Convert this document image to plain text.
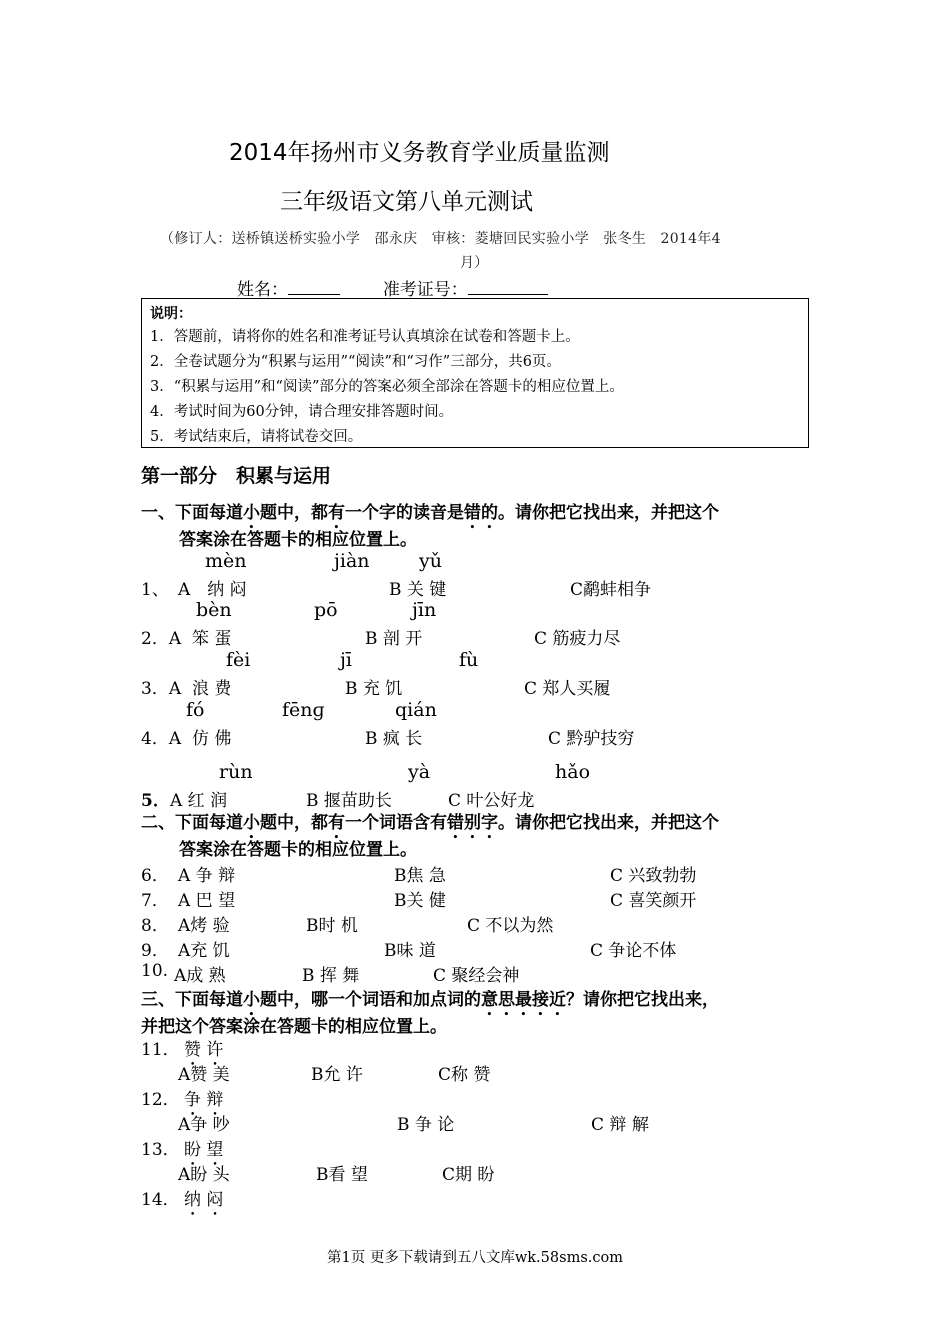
2014年扬州市义务教育学业质量监测
三年级语文第八单元测试
（修订人：送桥镇送桥实验小学　邵永庆　审核：菱塘回民实验小学　张冬生　2014年4
月）
姓名：	准考证号：
说明：
1．答题前，请将你的姓名和准考证号认真填涂在试卷和答题卡上。
2．全卷试题分为“积累与运用”“阅读”和“习作”三部分，共6页。
3．“积累与运用”和“阅读”部分的答案必须全部涂在答题卡的相应位置上。
4．考试时间为60分钟，请合理安排答题时间。
5．考试结束后，请将试卷交回。
第一部分　积累与运用
一、下面每道小题中，都有一个字的读音是错的。请你把它找出来，并把这个
答案涂在答题卡的相应位置上。
mèn	jiàn	yǔ
1、 A　纳 闷	B 关 键	C鹬蚌相争
bèn	pō	jīn
2．A 笨 蛋	B 剖 开	C 筋疲力尽
fèi	jī	fù
3．A 浪 费	B 充 饥	C 郑人买履
fó	fēnɡ	qián
4．A 仿 佛	B 疯 长	C 黔驴技穷
rùn	yà	hǎo
5． A 红 润	B 揠苗助长	C 叶公好龙
二、下面每道小题中，都有一个词语含有错别字。请你把它找出来，并把这个
答案涂在答题卡的相应位置上。
6． A 争 辩	B焦 急	C 兴致勃勃
7． A 巴 望	B关 健	C 喜笑颜开
8． A烤 验	B时 机	C 不以为然
9． A充 饥	B味 道	C 争论不体
10. A成 熟	B 挥 舞	C 聚经会神
三、下面每道小题中，哪一个词语和加点词的意思最接近？请你把它找出来，
并把这个答案涂在答题卡的相应位置上。
11． 赞 许
A赞 美	B允 许	C称 赞
12． 争 辩
A争 吵	B 争 论	C 辩 解
13． 盼 望
A盼 头	B看 望	C期 盼
14． 纳 闷
第1页 更多下载请到五八文库wk.58sms.com
